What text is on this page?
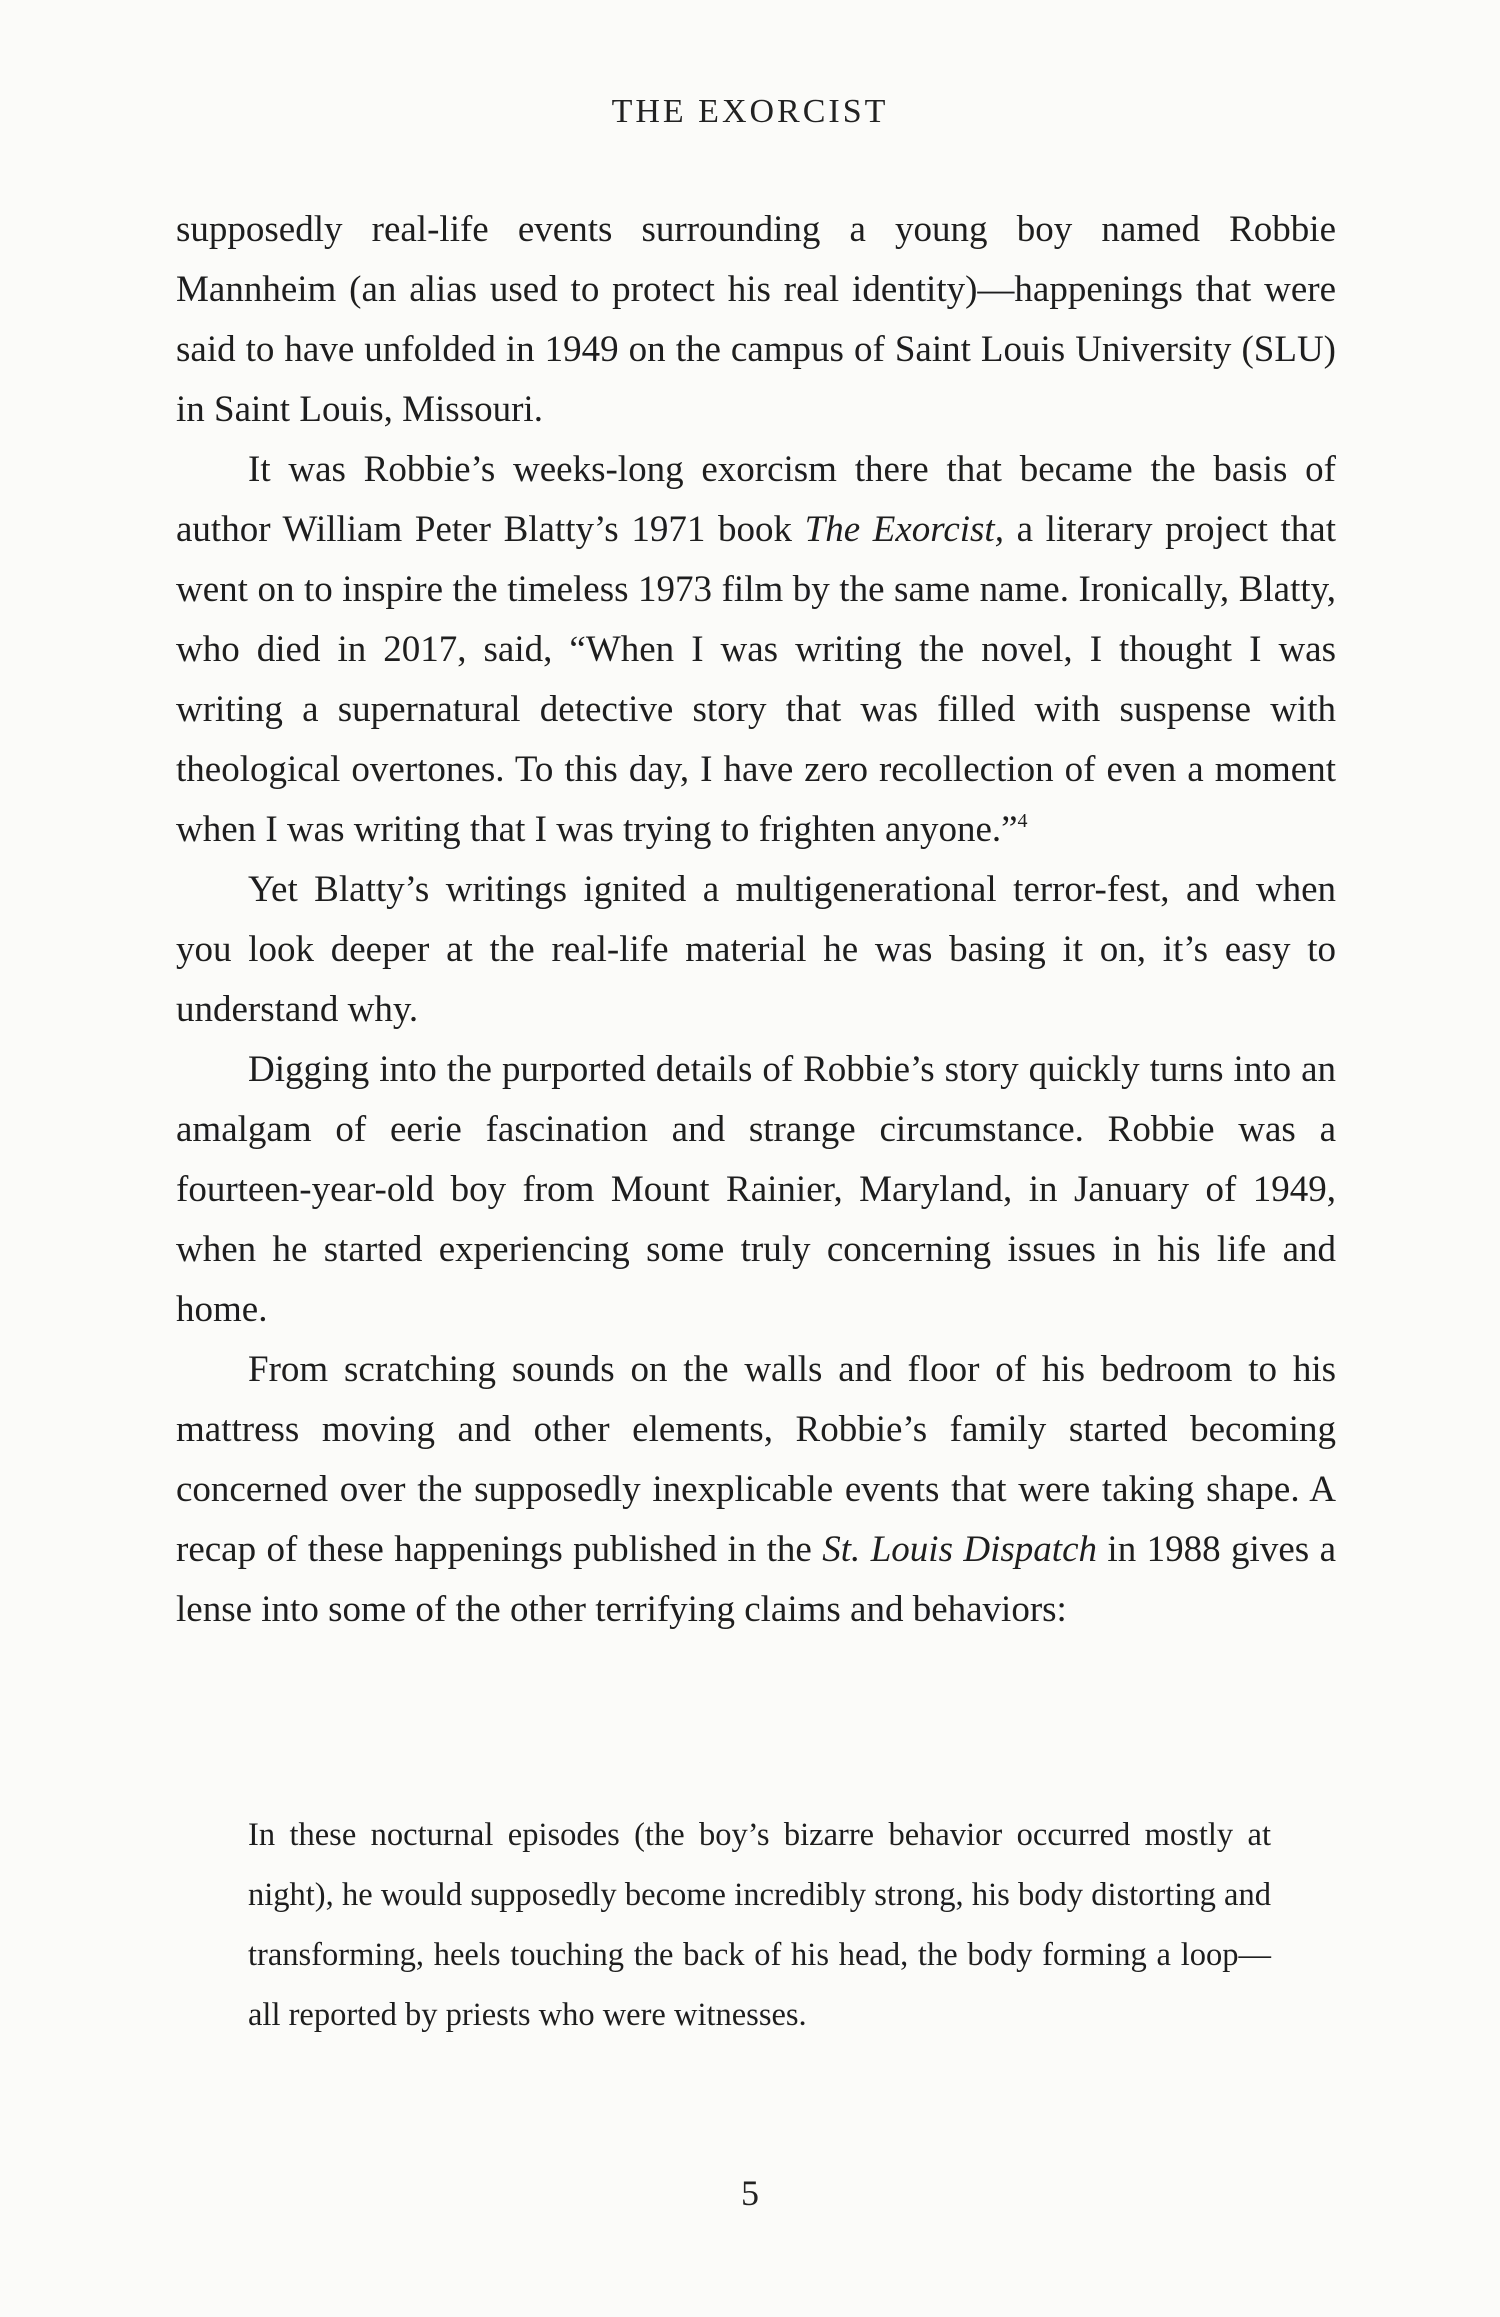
THE EXORCIST

supposedly real-life events surrounding a young boy named Robbie Mannheim (an alias used to protect his real identity)—happenings that were said to have unfolded in 1949 on the campus of Saint Louis University (SLU) in Saint Louis, Missouri.

It was Robbie’s weeks-long exorcism there that became the basis of author William Peter Blatty’s 1971 book The Exorcist, a literary project that went on to inspire the timeless 1973 film by the same name. Ironically, Blatty, who died in 2017, said, “When I was writing the novel, I thought I was writing a supernatural detective story that was filled with suspense with theological overtones. To this day, I have zero recollection of even a moment when I was writing that I was trying to frighten anyone.”$^4$

Yet Blatty’s writings ignited a multigenerational terror-fest, and when you look deeper at the real-life material he was basing it on, it’s easy to understand why.

Digging into the purported details of Robbie’s story quickly turns into an amalgam of eerie fascination and strange circumstance. Robbie was a fourteen-year-old boy from Mount Rainier, Maryland, in January of 1949, when he started experiencing some truly concerning issues in his life and home.

From scratching sounds on the walls and floor of his bedroom to his mattress moving and other elements, Robbie’s family started becoming concerned over the supposedly inexplicable events that were taking shape. A recap of these happenings published in the St. Louis Dispatch in 1988 gives a lense into some of the other terrifying claims and behaviors:

In these nocturnal episodes (the boy’s bizarre behavior occurred mostly at night), he would supposedly become incredibly strong, his body distorting and transforming, heels touching the back of his head, the body forming a loop—all reported by priests who were witnesses.
5
